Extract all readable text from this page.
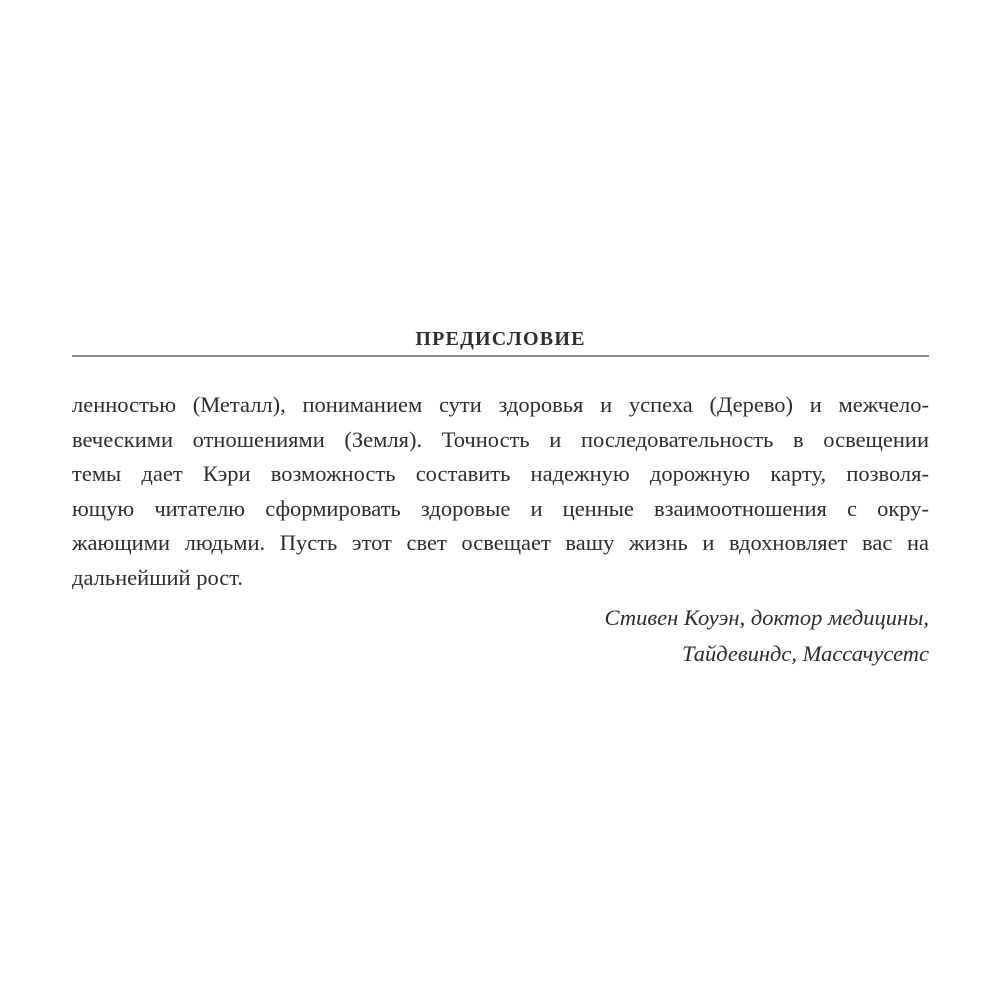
ПРЕДИСЛОВИЕ
ленностью (Металл), пониманием сути здоровья и успеха (Дерево) и межчело-
веческими отношениями (Земля). Точность и последовательность в освещении
темы дает Кэри возможность составить надежную дорожную карту, позволя-
ющую читателю сформировать здоровые и ценные взаимоотношения с окру-
жающими людьми. Пусть этот свет освещает вашу жизнь и вдохновляет вас на
дальнейший рост.
Стивен Коуэн, доктор медицины,
Тайдевиндс, Массачусетс
